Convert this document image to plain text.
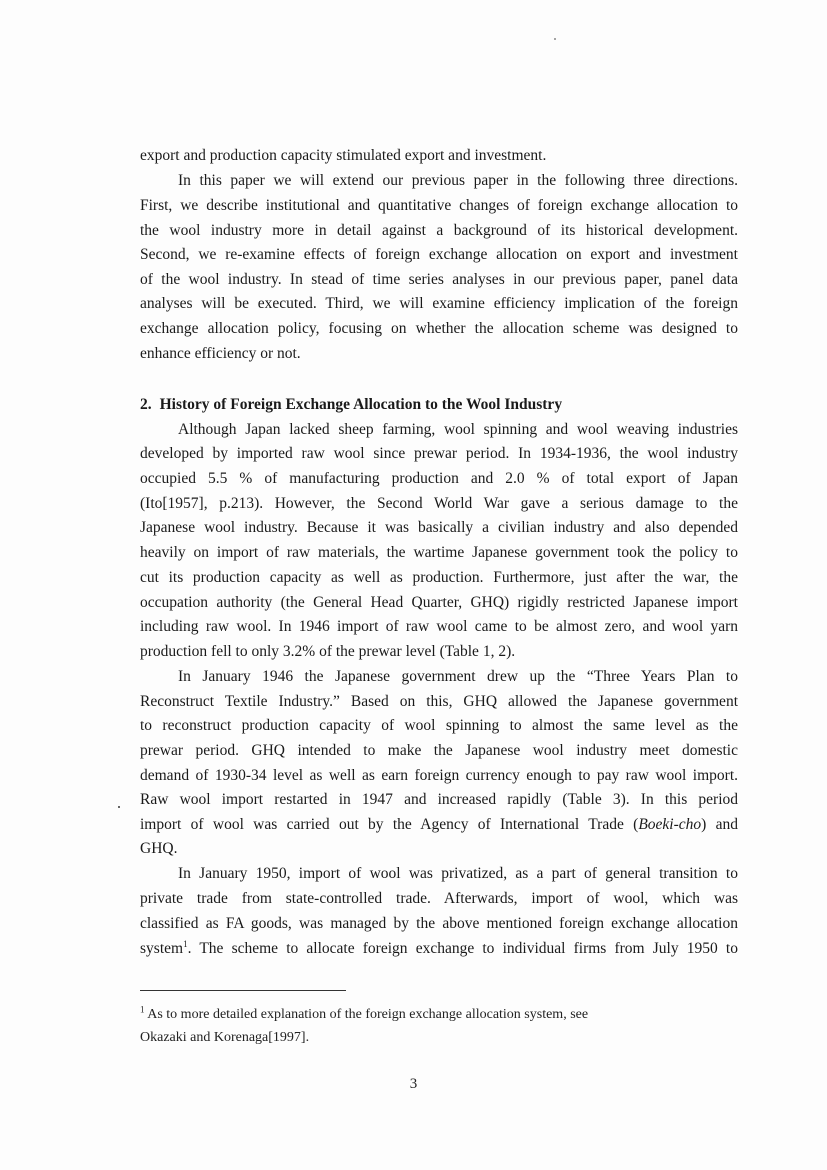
export and production capacity stimulated export and investment.
In this paper we will extend our previous paper in the following three directions.
First, we describe institutional and quantitative changes of foreign exchange allocation to
the wool industry more in detail against a background of its historical development.
Second, we re-examine effects of foreign exchange allocation on export and investment
of the wool industry. In stead of time series analyses in our previous paper, panel data
analyses will be executed. Third, we will examine efficiency implication of the foreign
exchange allocation policy, focusing on whether the allocation scheme was designed to
enhance efficiency or not.
2. History of Foreign Exchange Allocation to the Wool Industry
Although Japan lacked sheep farming, wool spinning and wool weaving industries
developed by imported raw wool since prewar period. In 1934-1936, the wool industry
occupied 5.5 % of manufacturing production and 2.0 % of total export of Japan
(Ito[1957], p.213). However, the Second World War gave a serious damage to the
Japanese wool industry. Because it was basically a civilian industry and also depended
heavily on import of raw materials, the wartime Japanese government took the policy to
cut its production capacity as well as production. Furthermore, just after the war, the
occupation authority (the General Head Quarter, GHQ) rigidly restricted Japanese import
including raw wool. In 1946 import of raw wool came to be almost zero, and wool yarn
production fell to only 3.2% of the prewar level (Table 1, 2).
In January 1946 the Japanese government drew up the “Three Years Plan to
Reconstruct Textile Industry.” Based on this, GHQ allowed the Japanese government
to reconstruct production capacity of wool spinning to almost the same level as the
prewar period. GHQ intended to make the Japanese wool industry meet domestic
demand of 1930-34 level as well as earn foreign currency enough to pay raw wool import.
Raw wool import restarted in 1947 and increased rapidly (Table 3). In this period
import of wool was carried out by the Agency of International Trade (Boeki-cho) and
GHQ.
In January 1950, import of wool was privatized, as a part of general transition to
private trade from state-controlled trade. Afterwards, import of wool, which was
classified as FA goods, was managed by the above mentioned foreign exchange allocation
system$^1$. The scheme to allocate foreign exchange to individual firms from July 1950 to
$^1$ As to more detailed explanation of the foreign exchange allocation system, see
Okazaki and Korenaga[1997].
3
